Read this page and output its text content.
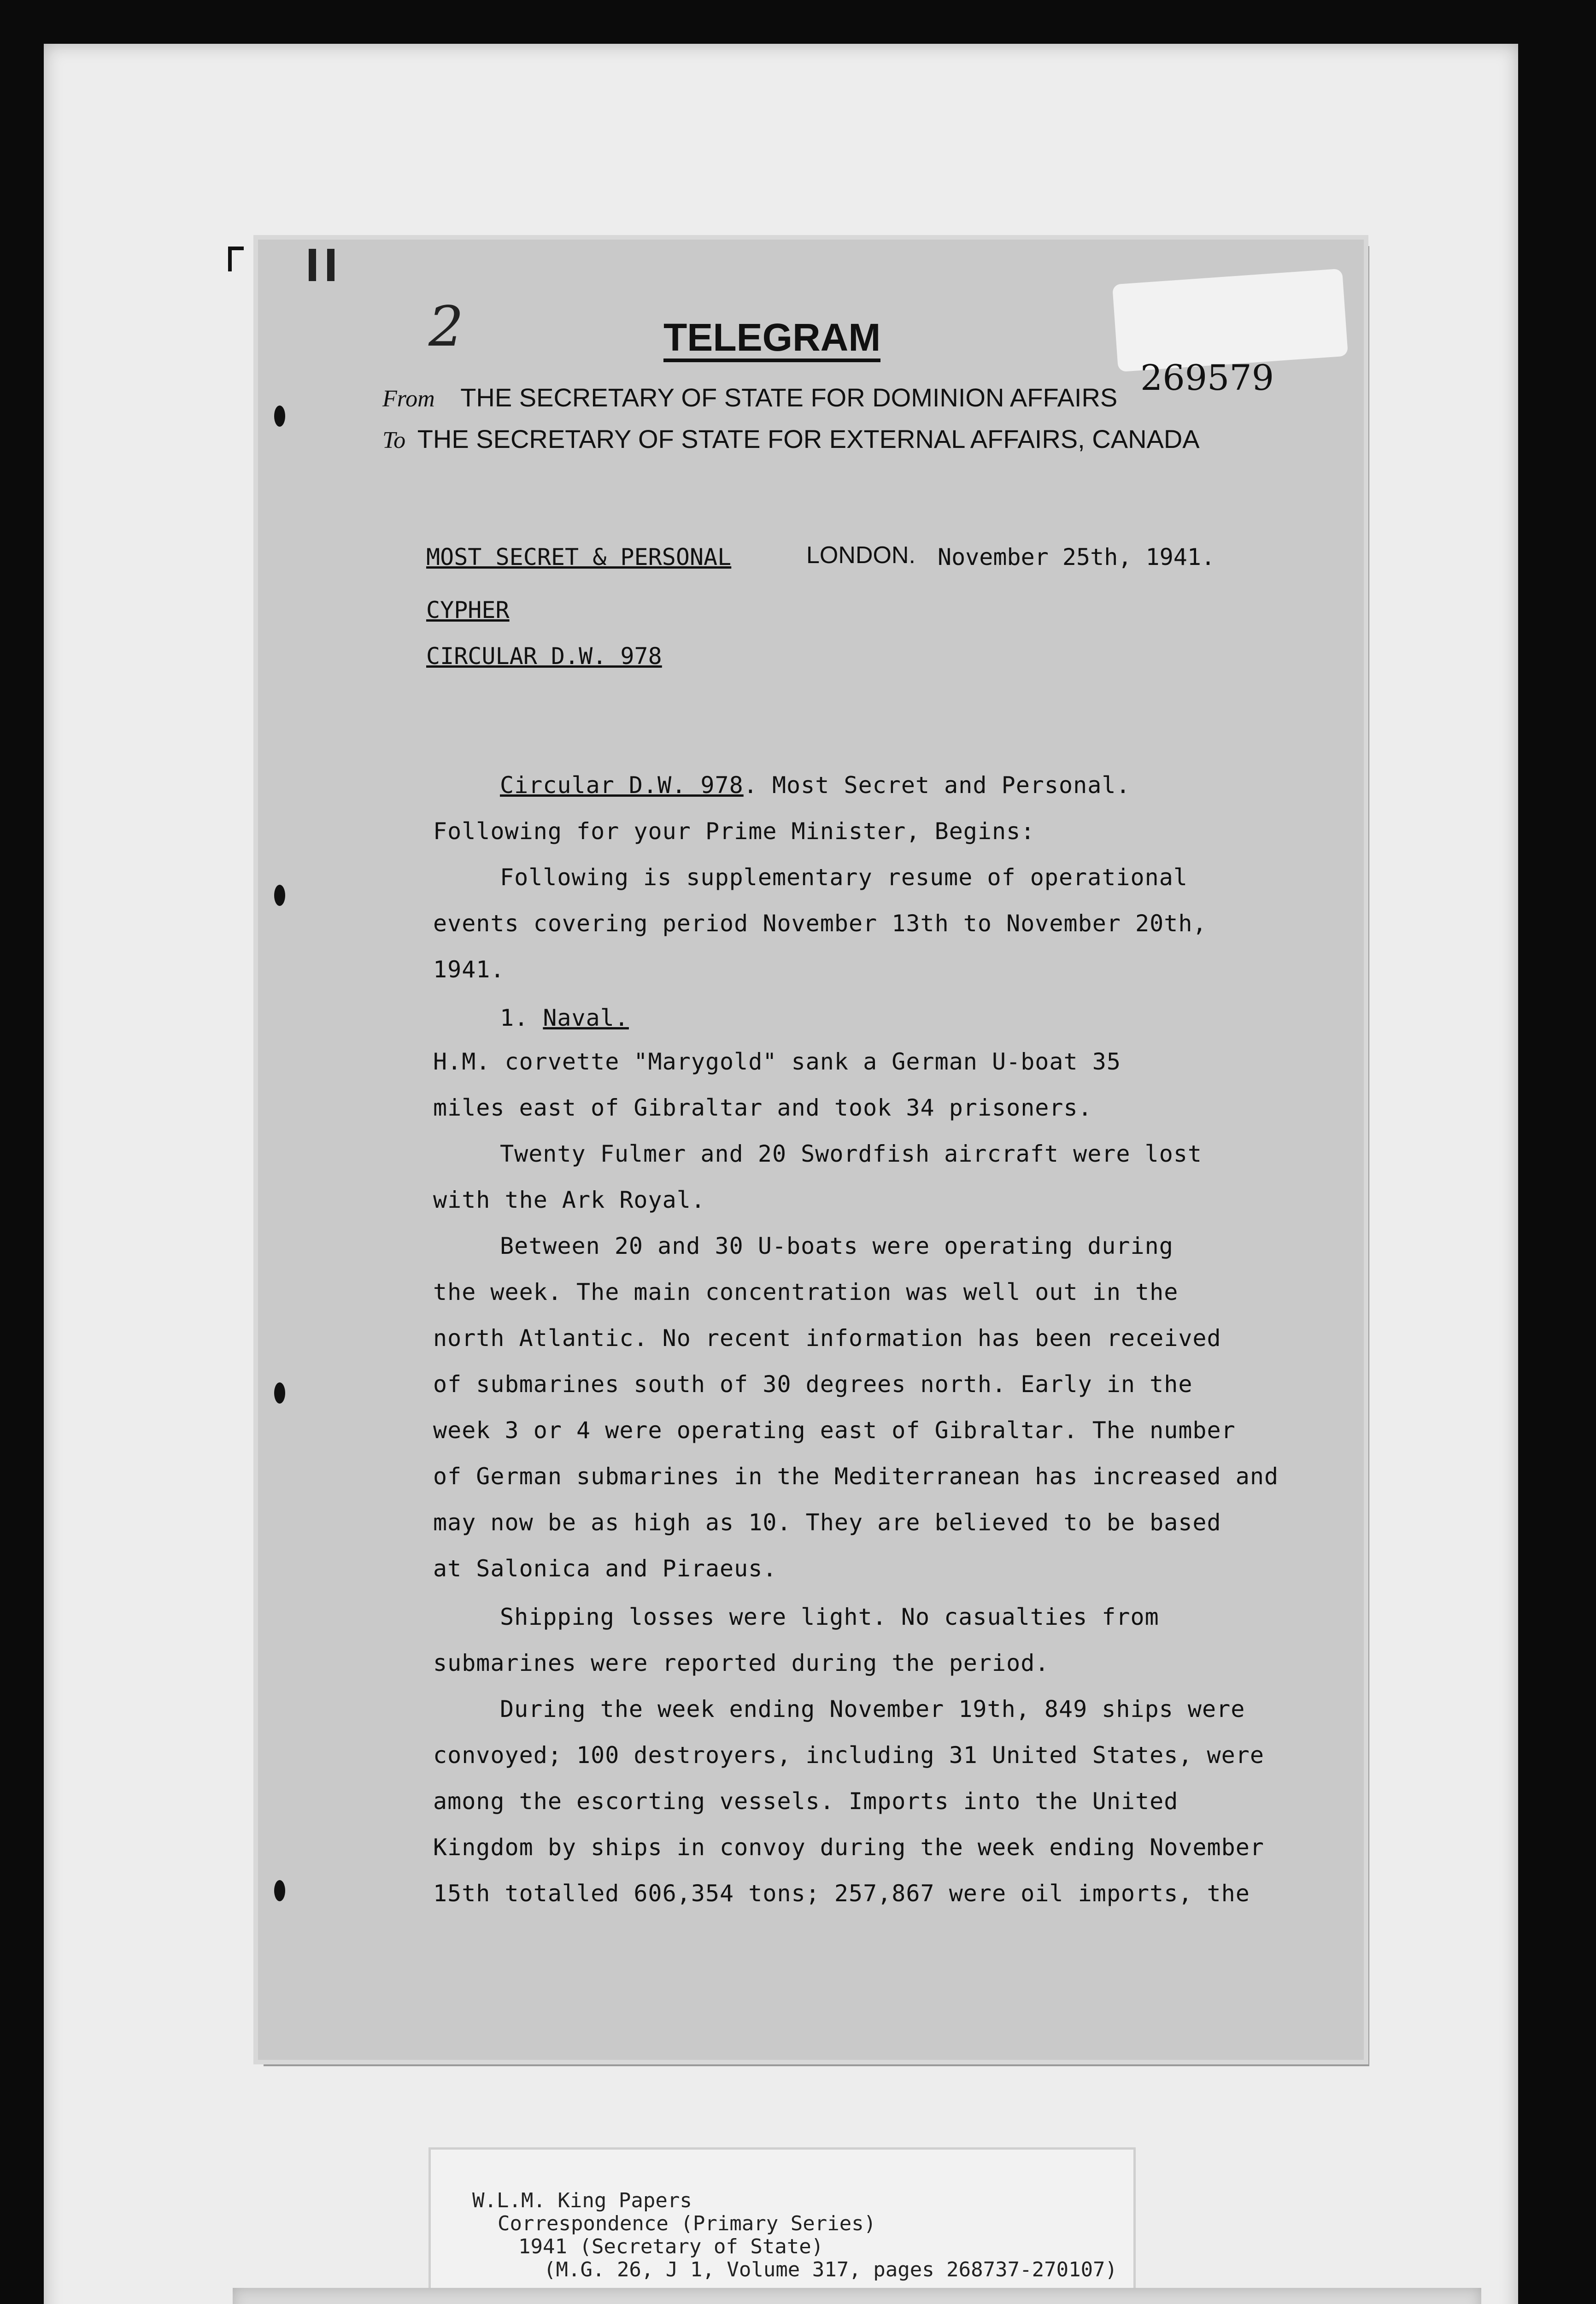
2	TELEGRAM
269579
From THE SECRETARY OF STATE FOR DOMINION AFFAIRS
To THE SECRETARY OF STATE FOR EXTERNAL AFFAIRS, CANADA
MOST SECRET & PERSONAL
CYPHER
CIRCULAR D.W. 978
LONDON. November 25th, 1941.
Circular D.W. 978. Most Secret and Personal.
Following for your Prime Minister, Begins:
Following is supplementary resume of operational
events covering period November 13th to November 20th,
1941.
1. Naval.
H.M. corvette "Marygold" sank a German U-boat 35
miles east of Gibraltar and took 34 prisoners.
Twenty Fulmer and 20 Swordfish aircraft were lost
with the Ark Royal.
Between 20 and 30 U-boats were operating during
the week. The main concentration was well out in the
north Atlantic. No recent information has been received
of submarines south of 30 degrees north. Early in the
week 3 or 4 were operating east of Gibraltar. The number
of German submarines in the Mediterranean has increased and
may now be as high as 10. They are believed to be based
at Salonica and Piraeus.
Shipping losses were light. No casualties from
submarines were reported during the period.
During the week ending November 19th, 849 ships were
convoyed; 100 destroyers, including 31 United States, were
among the escorting vessels. Imports into the United
Kingdom by ships in convoy during the week ending November
15th totalled 606,354 tons; 257,867 were oil imports, the
W.L.M. King Papers
Correspondence (Primary Series)
1941 (Secretary of State)
(M.G. 26, J 1, Volume 317, pages 268737-270107)
